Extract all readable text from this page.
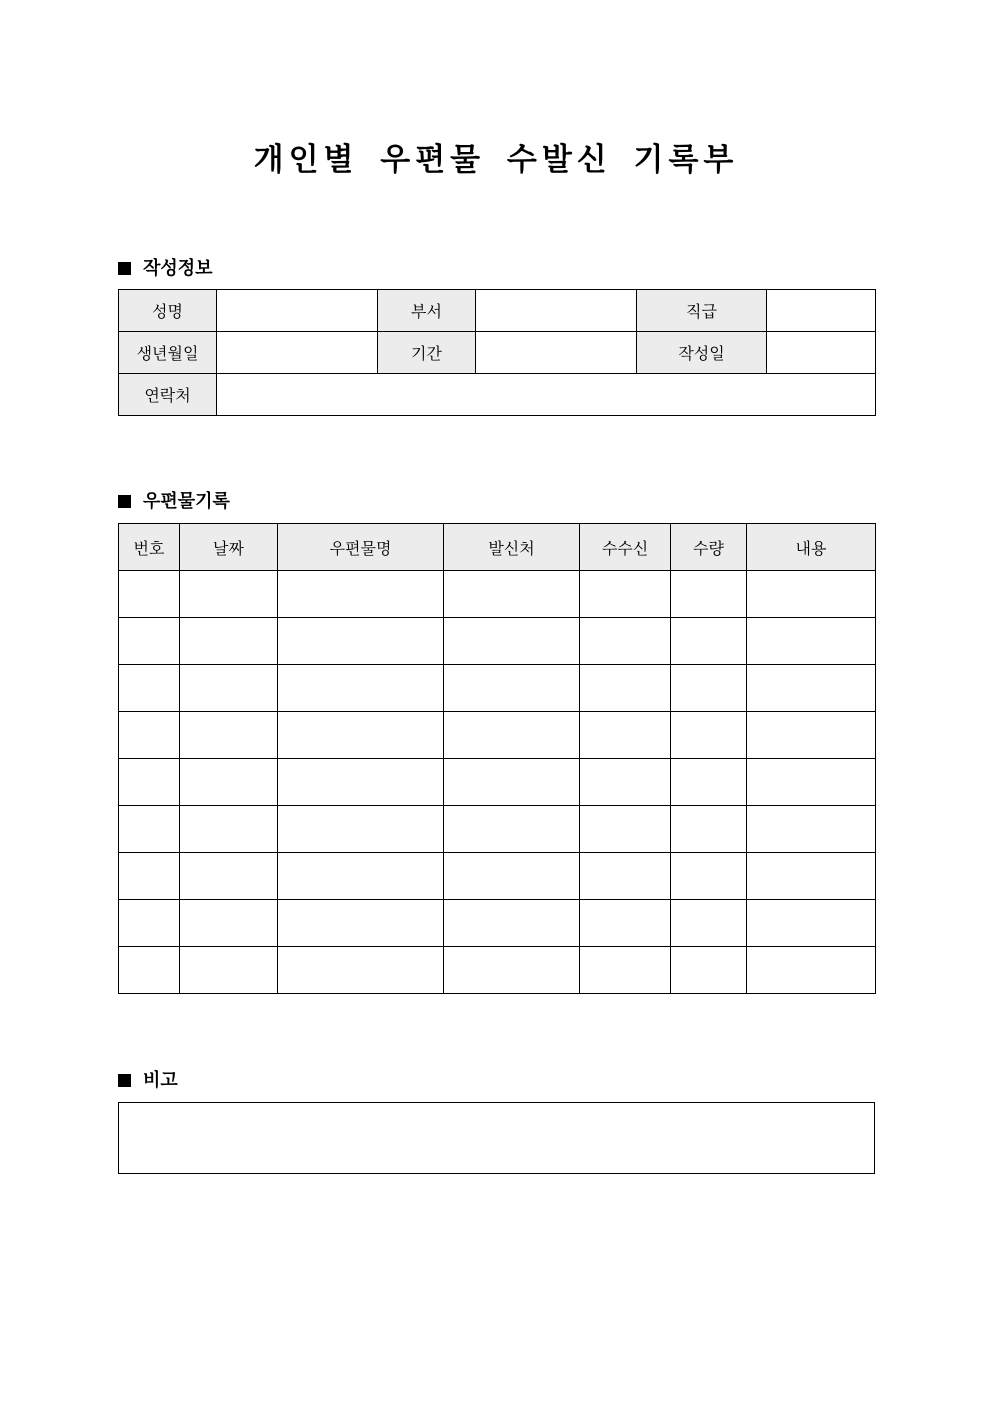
개인별 우편물 수발신 기록부
작성정보
성명		부서		직급	
생년월일		기간		작성일	
연락처					
우편물기록
번호	날짜	우편물명	발신처	수수신	수량	내용

비고
